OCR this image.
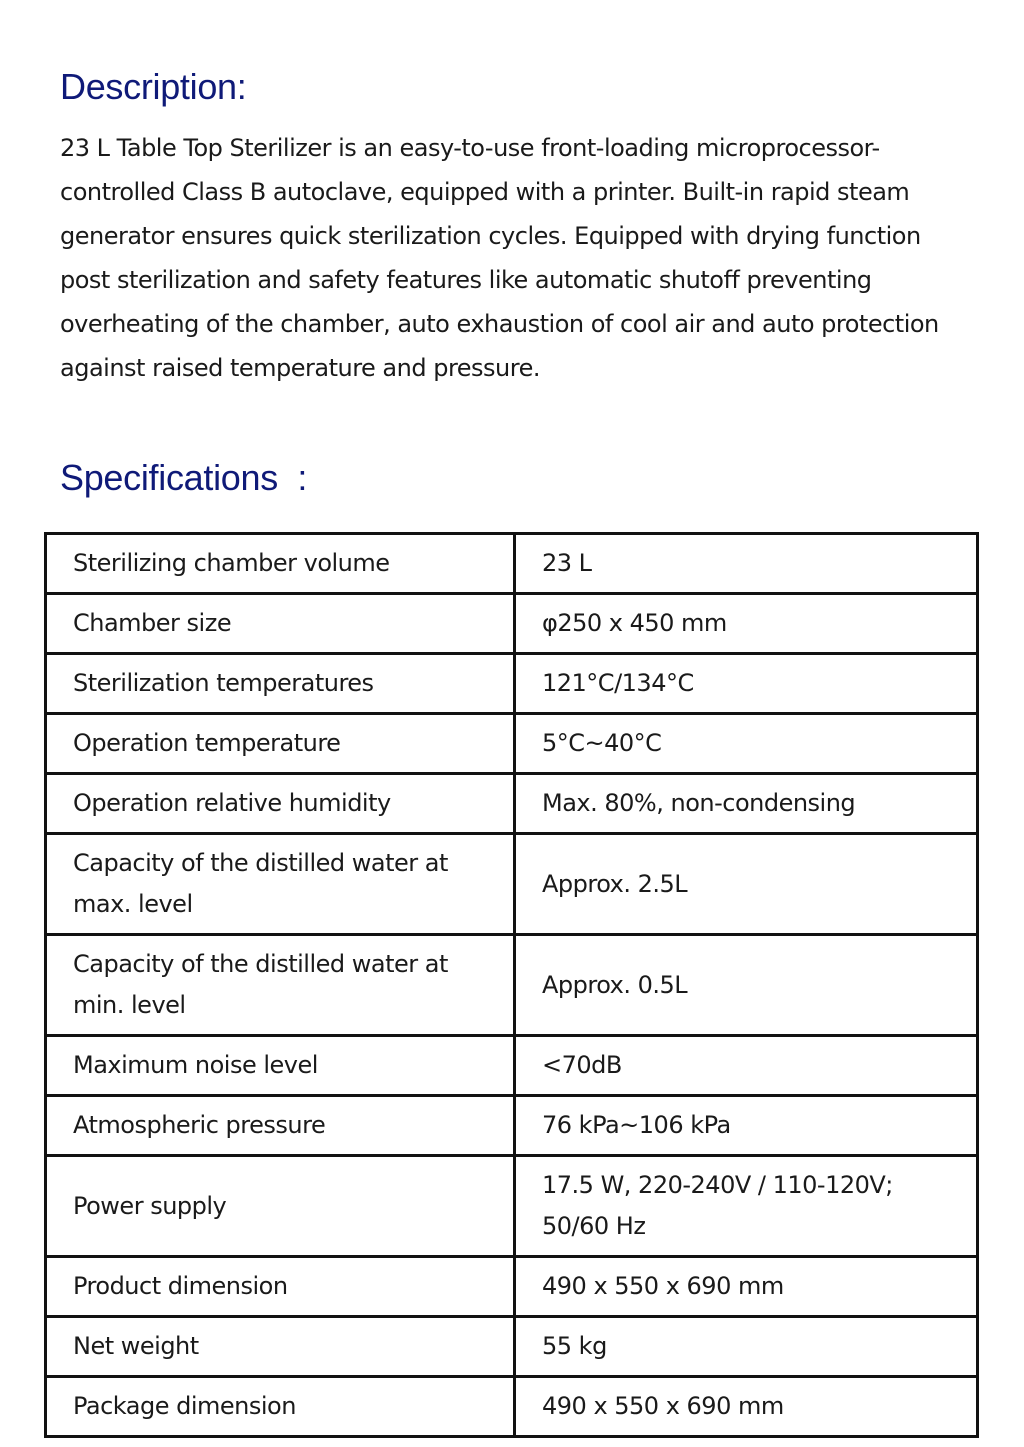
Description:

23 L Table Top Sterilizer is an easy-to-use front-loading microprocessor-controlled Class B autoclave, equipped with a printer. Built-in rapid steam generator ensures quick sterilization cycles. Equipped with drying function post sterilization and safety features like automatic shutoff preventing overheating of the chamber, auto exhaustion of cool air and auto protection against raised temperature and pressure.

Specifications  :
Sterilizing chamber volume	23 L
Chamber size	φ250 x 450 mm
Sterilization temperatures	121°C/134°C
Operation temperature	5°C~40°C
Operation relative humidity	Max. 80%, non-condensing
Capacity of the distilled water at max. level	Approx. 2.5L
Capacity of the distilled water at min. level	Approx. 0.5L
Maximum noise level	<70dB
Atmospheric pressure	76 kPa~106 kPa
Power supply	17.5 W, 220-240V / 110-120V; 50/60 Hz
Product dimension	490 x 550 x 690 mm
Net weight	55 kg
Package dimension	490 x 550 x 690 mm
